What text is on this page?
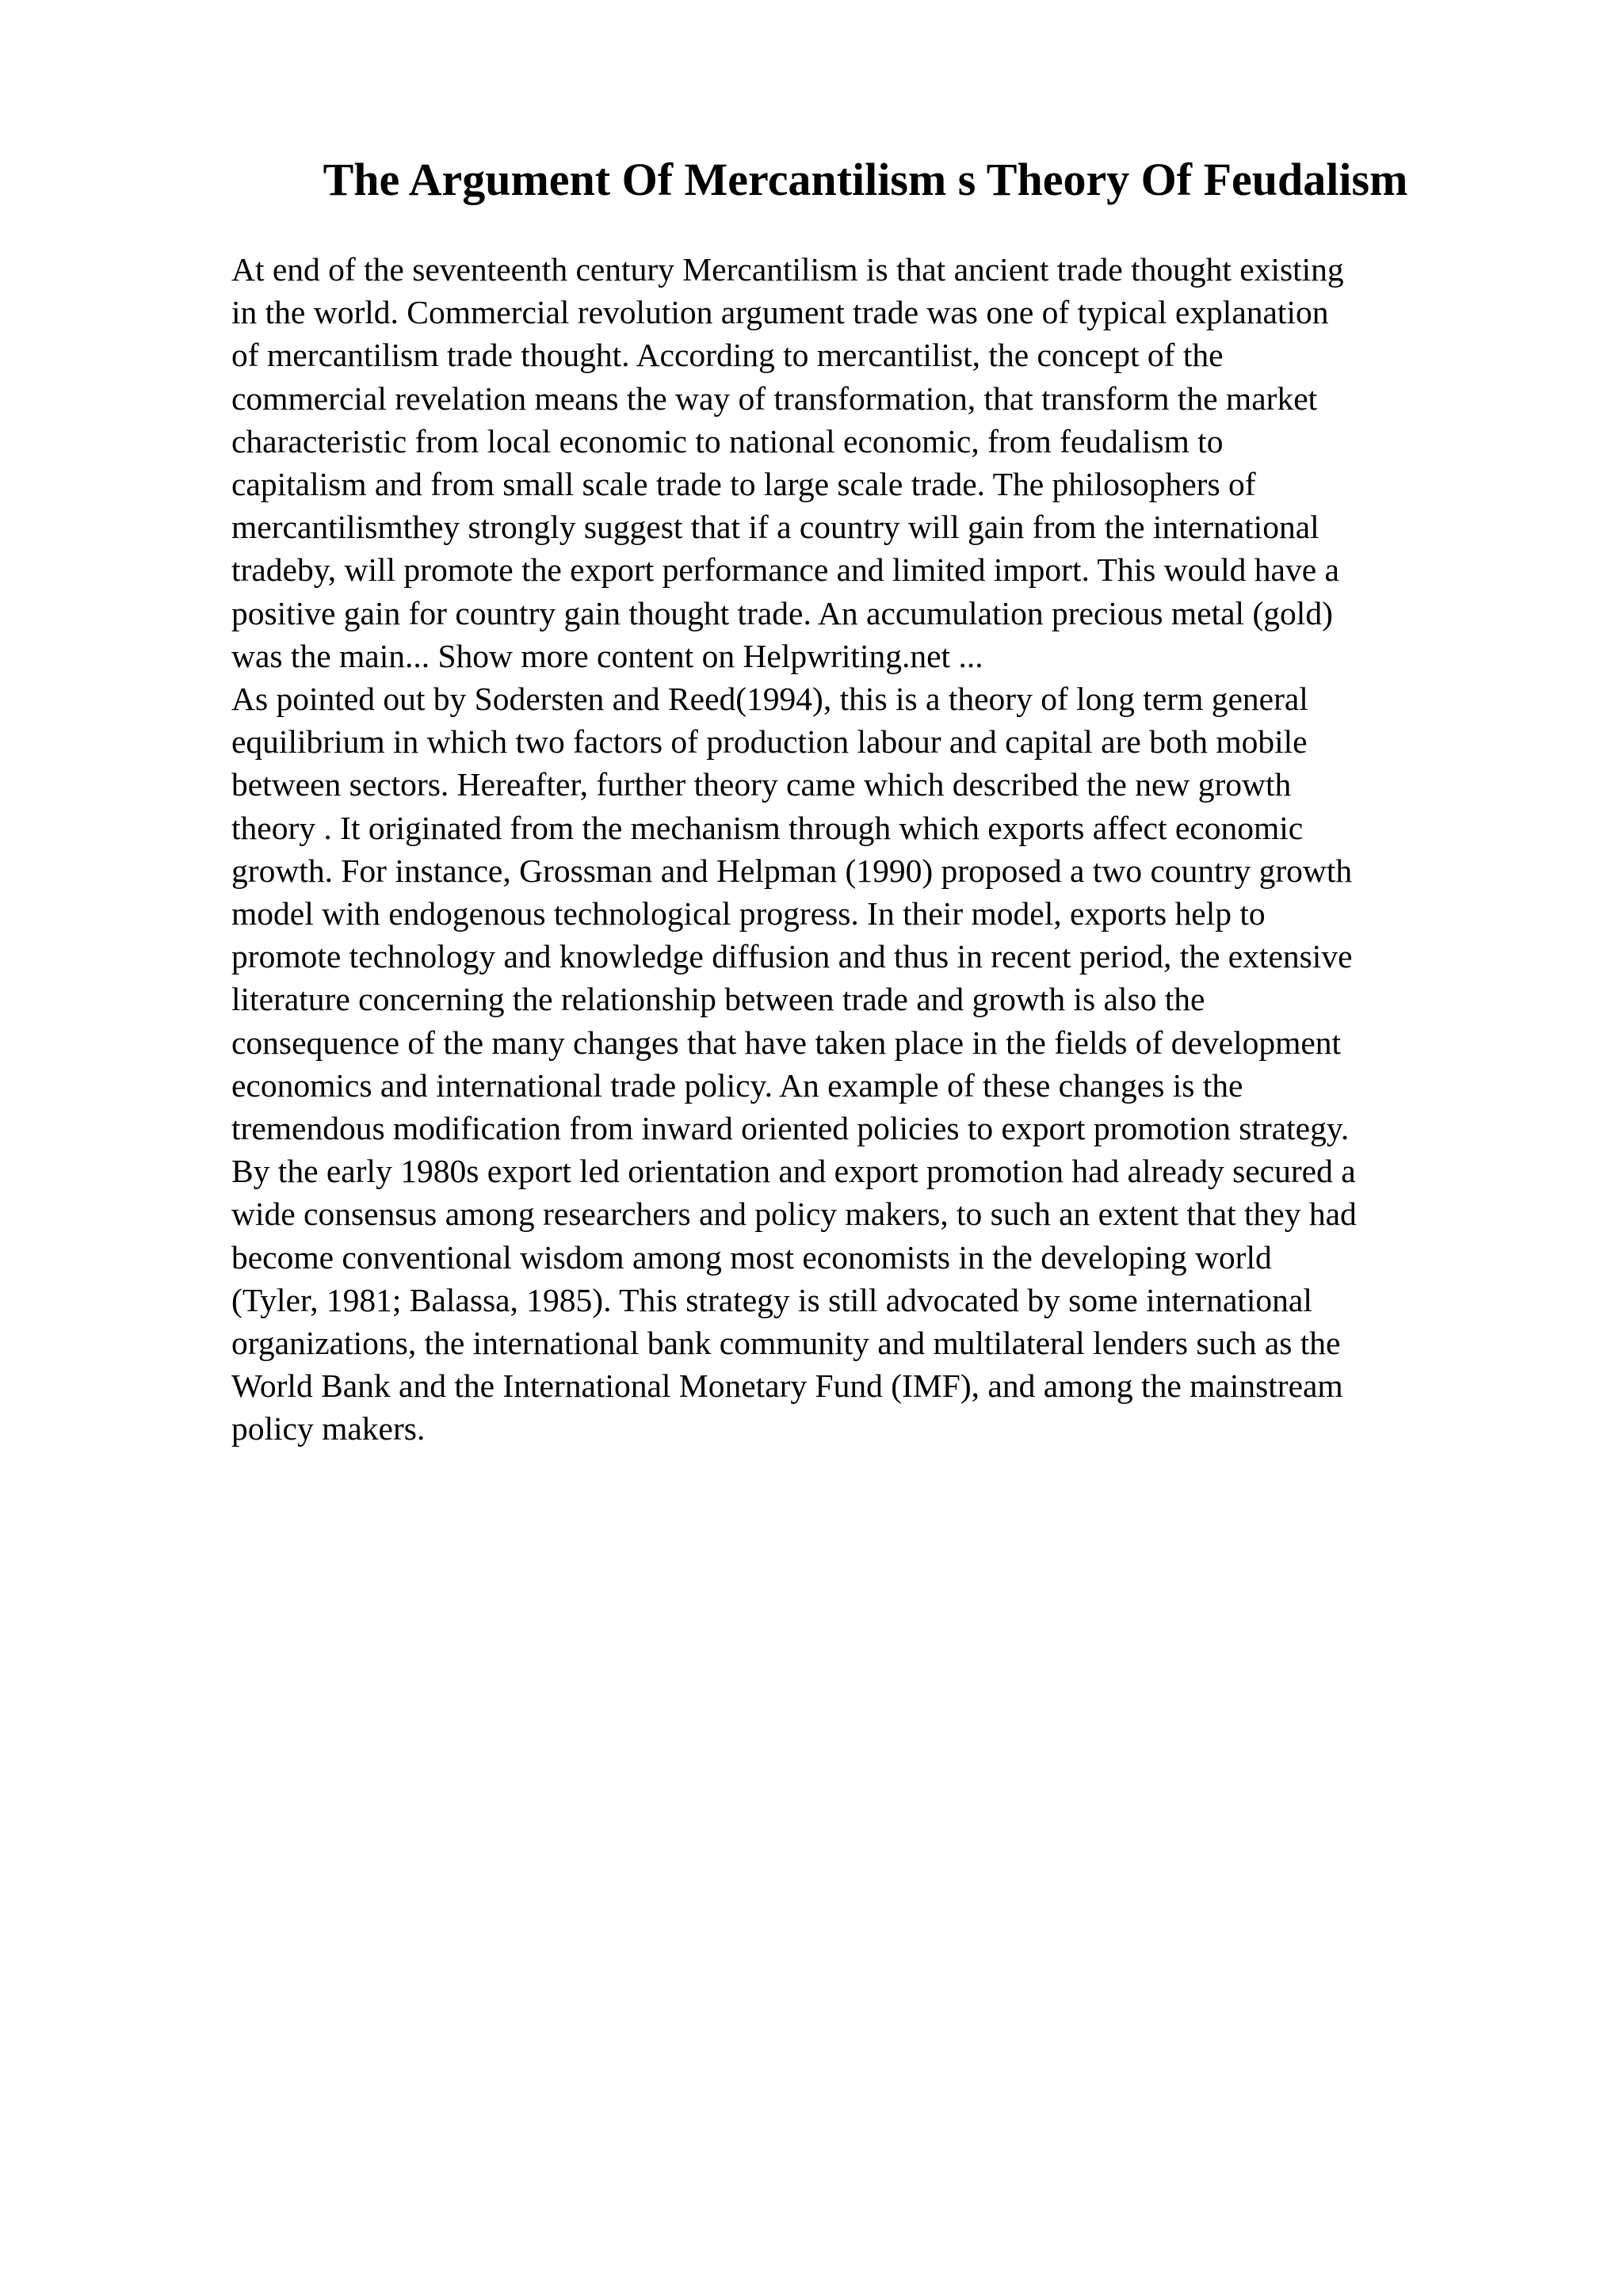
The Argument Of Mercantilism s Theory Of Feudalism
At end of the seventeenth century Mercantilism is that ancient trade thought existing
in the world. Commercial revolution argument trade was one of typical explanation
of mercantilism trade thought. According to mercantilist, the concept of the
commercial revelation means the way of transformation, that transform the market
characteristic from local economic to national economic, from feudalism to
capitalism and from small scale trade to large scale trade. The philosophers of
mercantilismthey strongly suggest that if a country will gain from the international
tradeby, will promote the export performance and limited import. This would have a
positive gain for country gain thought trade. An accumulation precious metal (gold)
was the main... Show more content on Helpwriting.net ...
As pointed out by Sodersten and Reed(1994), this is a theory of long term general
equilibrium in which two factors of production labour and capital are both mobile
between sectors. Hereafter, further theory came which described the new growth
theory . It originated from the mechanism through which exports affect economic
growth. For instance, Grossman and Helpman (1990) proposed a two country growth
model with endogenous technological progress. In their model, exports help to
promote technology and knowledge diffusion and thus in recent period, the extensive
literature concerning the relationship between trade and growth is also the
consequence of the many changes that have taken place in the fields of development
economics and international trade policy. An example of these changes is the
tremendous modification from inward oriented policies to export promotion strategy.
By the early 1980s export led orientation and export promotion had already secured a
wide consensus among researchers and policy makers, to such an extent that they had
become conventional wisdom among most economists in the developing world
(Tyler, 1981; Balassa, 1985). This strategy is still advocated by some international
organizations, the international bank community and multilateral lenders such as the
World Bank and the International Monetary Fund (IMF), and among the mainstream
policy makers.
